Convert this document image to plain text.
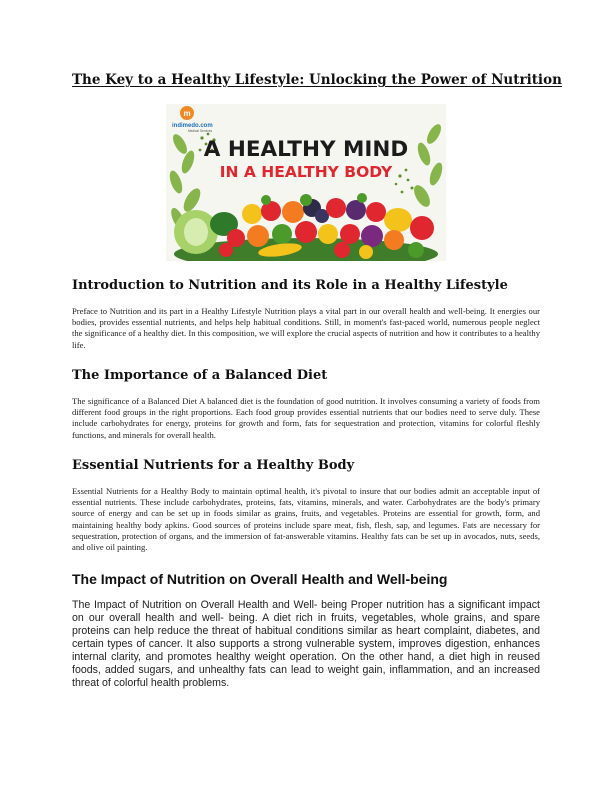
The Key to a Healthy Lifestyle: Unlocking the Power of Nutrition
m
indimedo.com
Medical Services
A HEALTHY MIND
IN A HEALTHY BODY
Introduction to Nutrition and its Role in a Healthy Lifestyle

Preface to Nutrition and its part in a Healthy Lifestyle Nutrition plays a vital part in our overall health and well-being. It energies our bodies, provides essential nutrients, and helps help habitual conditions. Still, in moment's fast-paced world, numerous people neglect the significance of a healthy diet. In this composition, we will explore the crucial aspects of nutrition and how it contributes to a healthy life.

The Importance of a Balanced Diet

The significance of a Balanced Diet A balanced diet is the foundation of good nutrition. It involves consuming a variety of foods from different food groups in the right proportions. Each food group provides essential nutrients that our bodies need to serve duly. These include carbohydrates for energy, proteins for growth and form, fats for sequestration and protection, vitamins for colorful fleshly functions, and minerals for overall health.

Essential Nutrients for a Healthy Body

Essential Nutrients for a Healthy Body to maintain optimal health, it's pivotal to insure that our bodies admit an acceptable input of essential nutrients. These include carbohydrates, proteins, fats, vitamins, minerals, and water. Carbohydrates are the body's primary source of energy and can be set up in foods similar as grains, fruits, and vegetables. Proteins are essential for growth, form, and maintaining healthy body apkins. Good sources of proteins include spare meat, fish, flesh, sap, and legumes. Fats are necessary for sequestration, protection of organs, and the immersion of fat-answerable vitamins. Healthy fats can be set up in avocados, nuts, seeds, and olive oil painting.

The Impact of Nutrition on Overall Health and Well-being

The Impact of Nutrition on Overall Health and Well- being Proper nutrition has a significant impact on our overall health and well- being. A diet rich in fruits, vegetables, whole grains, and spare proteins can help reduce the threat of habitual conditions similar as heart complaint, diabetes, and certain types of cancer. It also supports a strong vulnerable system, improves digestion, enhances internal clarity, and promotes healthy weight operation. On the other hand, a diet high in reused foods, added sugars, and unhealthy fats can lead to weight gain, inflammation, and an increased threat of colorful health problems.
